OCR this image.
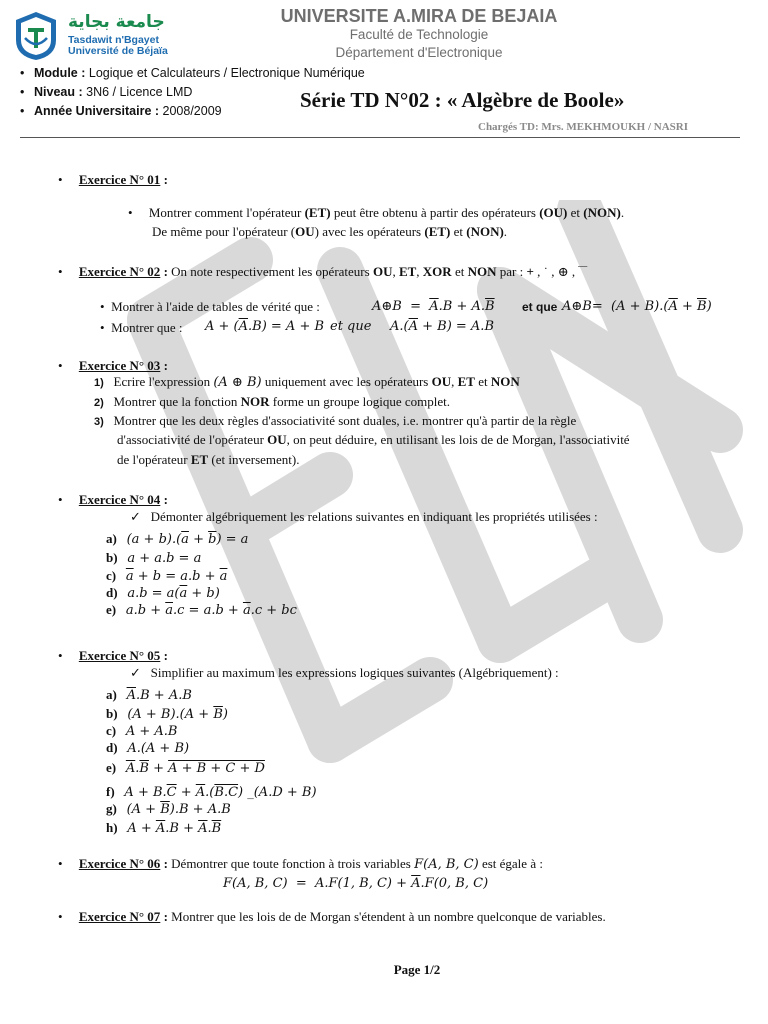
جامعة بجاية
Tasdawit n'Bgayet
Université de Béjaïa
UNIVERSITE A.MIRA DE BEJAIA
Faculté de Technologie
Département d'Electronique
• Module : Logique et Calculateurs / Electronique Numérique
• Niveau : 3N6 / Licence LMD
• Année Universitaire : 2008/2009	Série TD N°02 : « Algèbre de Boole»
Chargés TD: Mrs. MEKHMOUKH / NASRI
• Exercice N° 01 :
• Montrer comment l'opérateur (ET) peut être obtenu à partir des opérateurs (OU) et (NON).
De même pour l'opérateur (OU) avec les opérateurs (ET) et (NON).
• Exercice N° 02 : On note respectivement les opérateurs OU, ET, XOR et NON par : + , ˙ , ⊕ , ‾‾
• Montrer à l'aide de tables de vérité que :	A⊕B  =  $\overline{A}.B + A.\overline{B}$ et que A⊕B=  $(A + B).(\overline{A} + \overline{B})$
• Montrer que : $A + (\overline{A}.B) = A + B$ et que $A.(\overline{A} + B) = A.B$
• Exercice N° 03 :
1) Ecrire l'expression (A ⊕ B) uniquement avec les opérateurs OU, ET et NON
2) Montrer que la fonction NOR forme un groupe logique complet.
3) Montrer que les deux règles d'associativité sont duales, i.e. montrer qu'à partir de la règle
d'associativité de l'opérateur OU, on peut déduire, en utilisant les lois de de Morgan, l'associativité
de l'opérateur ET (et inversement).
• Exercice N° 04 :
✓ Démonter algébriquement les relations suivantes en indiquant les propriétés utilisées :
a) $(a + b).(\overline{a} + \overline{b}) = a$
b) a + a.b = a
c) $\overline{a} + b = a.b + \overline{a}$
d) $a.b = a(\overline{a} + b)$
e) $a.b + \overline{a}.c = a.b + \overline{a}.c$ + bc
• Exercice N° 05 :
✓ Simplifier au maximum les expressions logiques suivantes (Algébriquement) :
a) $\overline{A}.B + A.B$
b) $(A + B).(A + \overline{B})$
c) A + A.B
d) A.(A + B)
e) $\overline{A}.\overline{B} + A + B + C + D$
f) $A + B.\overline{C} + \overline{A}.(B.C)$ _(A.D + B)
g) $(A + \overline{B}).B + A.B$
h) $A + \overline{A}.B + \overline{A}.\overline{B}$
• Exercice N° 06 : Démontrer que toute fonction à trois variables F(A, B, C) est égale à :
F(A, B, C)  =  A.F(1, B, $C) + \overline{A}.F(0$, B, C)
• Exercice N° 07 : Montrer que les lois de de Morgan s'étendent à un nombre quelconque de variables.
Page 1/2
